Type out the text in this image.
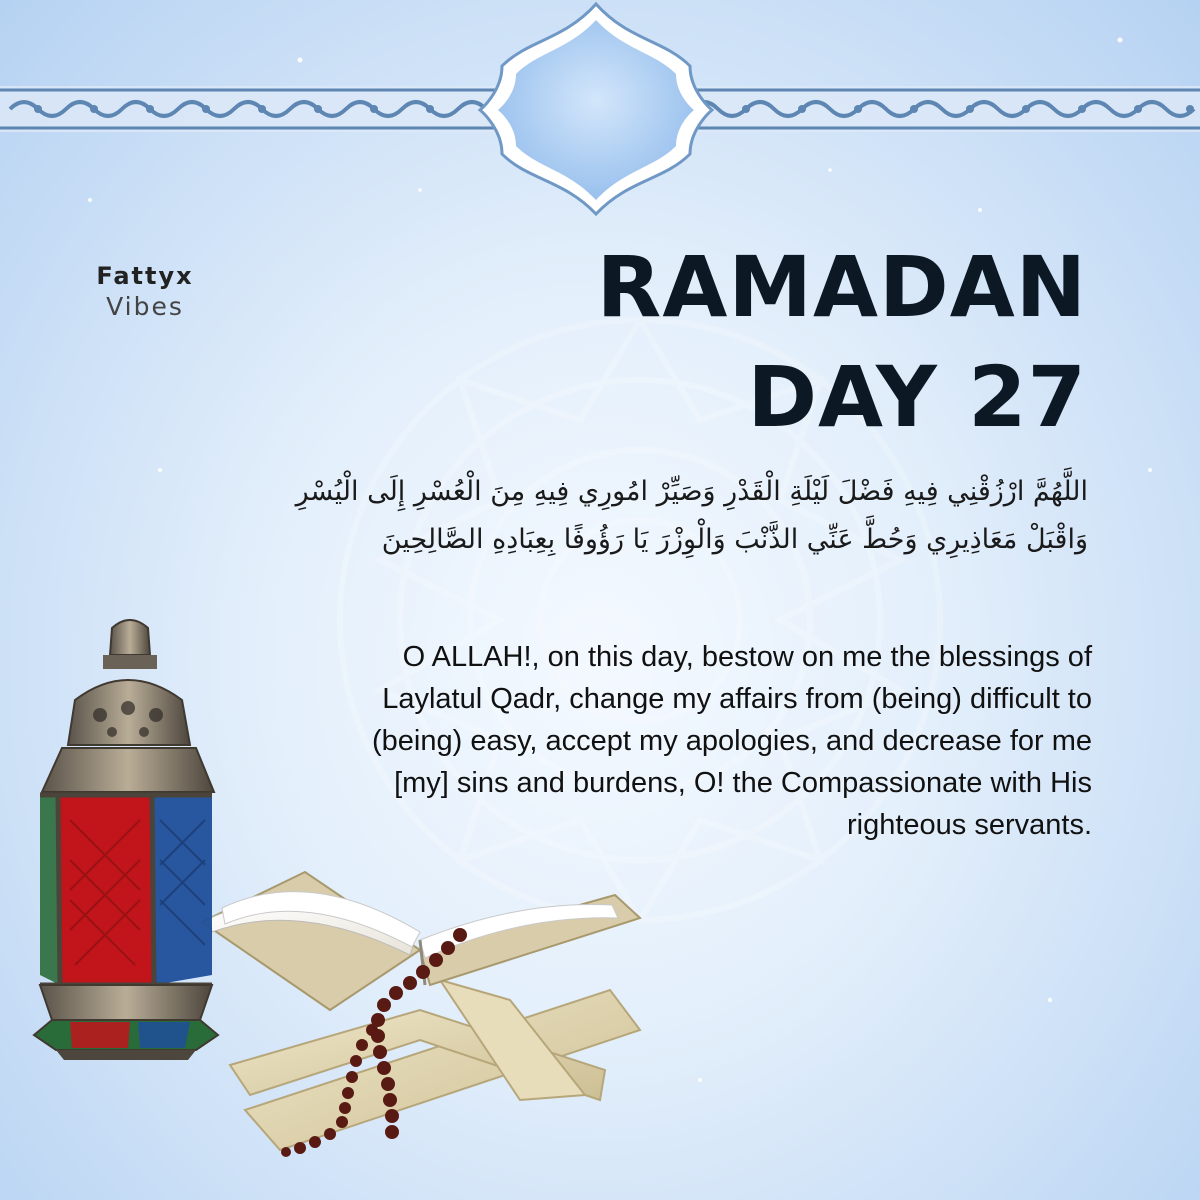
Fattyx
Vibes	RAMADAN
DAY 27

اللَّهُمَّ ارْزُقْنِي فِيهِ فَضْلَ لَيْلَةِ الْقَدْرِ وَصَيِّرْ امُورِي فِيهِ مِنَ الْعُسْرِ إِلَى الْيُسْرِ وَاقْبَلْ مَعَاذِيرِي وَحُطَّ عَنِّي الذَّنْبَ وَالْوِزْرَ يَا رَؤُوفًا بِعِبَادِهِ الصَّالِحِينَ

O ALLAH!, on this day, bestow on me the blessings of Laylatul Qadr, change my affairs from (being) difficult to (being) easy, accept my apologies, and decrease for me [my] sins and burdens, O! the Compassionate with His righteous servants.
